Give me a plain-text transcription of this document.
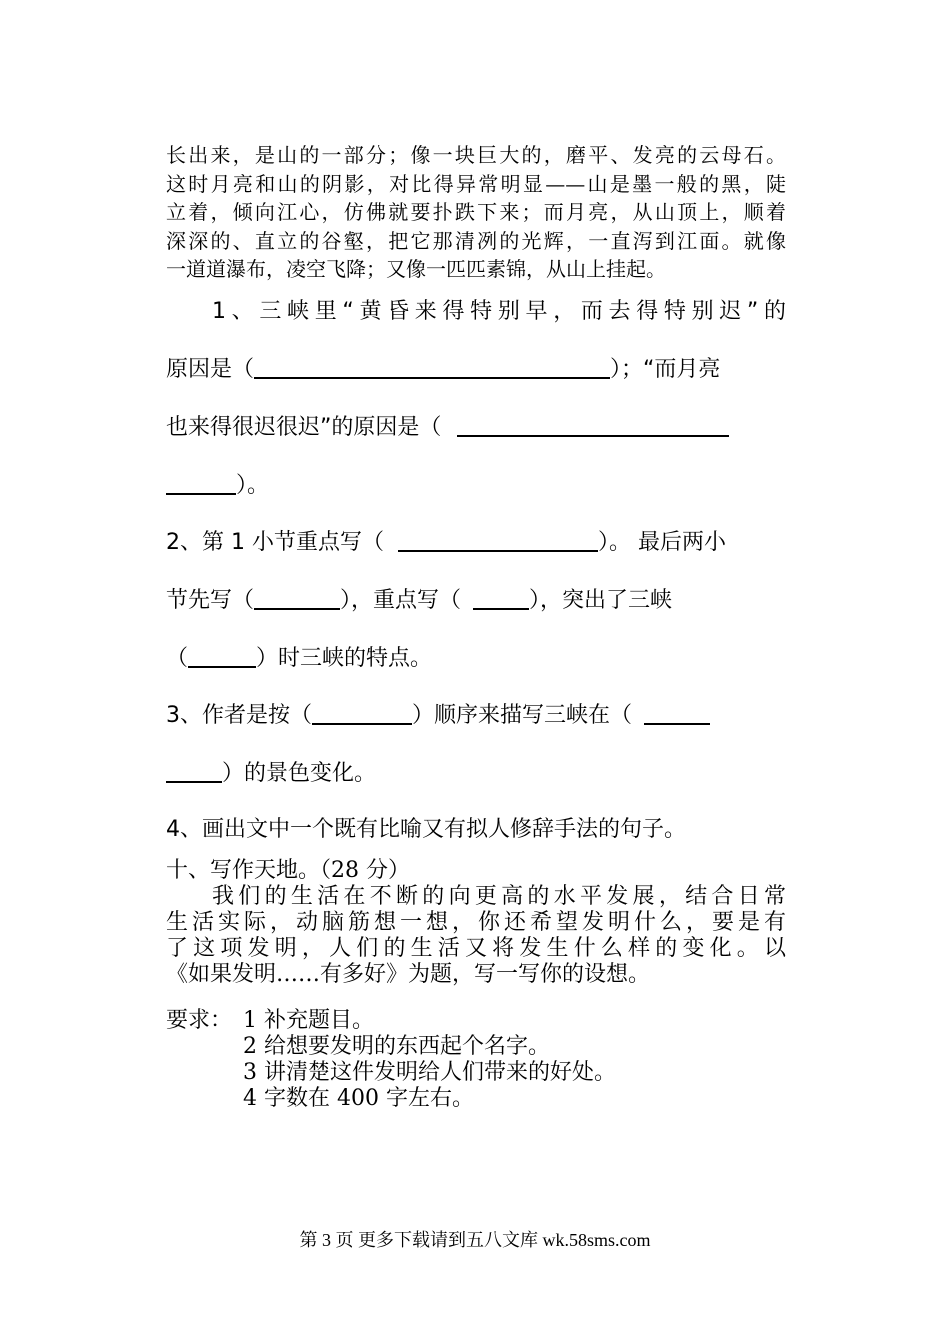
长出来，是山的一部分；像一块巨大的，磨平、发亮的云母石。
这时月亮和山的阴影，对比得异常明显——山是墨一般的黑，陡
立着，倾向江心，仿佛就要扑跌下来；而月亮，从山顶上，顺着
深深的、直立的谷壑，把它那清冽的光辉，一直泻到江面。就像
一道道瀑布，凌空飞降；又像一匹匹素锦，从山上挂起。
1、三峡里“黄昏来得特别早，而去得特别迟”的
原因是（	）；“而月亮
也来得很迟很迟”的原因是（
）。
2、第 1 小节重点写（	）。 最后两小
节先写（	），重点写（	），突出了三峡
（	）时三峡的特点。
3、作者是按（	）顺序来描写三峡在（
）的景色变化。
4、画出文中一个既有比喻又有拟人修辞手法的句子。
十、写作天地。（28 分）
我们的生活在不断的向更高的水平发展，结合日常
生活实际，动脑筋想一想，你还希望发明什么，要是有
了这项发明，人们的生活又将发生什么样的变化。以
《如果发明……有多好》为题，写一写你的设想。
要求： 1 补充题目。
2 给想要发明的东西起个名字。
3 讲清楚这件发明给人们带来的好处。
4 字数在 400 字左右。
第 3 页 更多下载请到五八文库 wk.58sms.com
